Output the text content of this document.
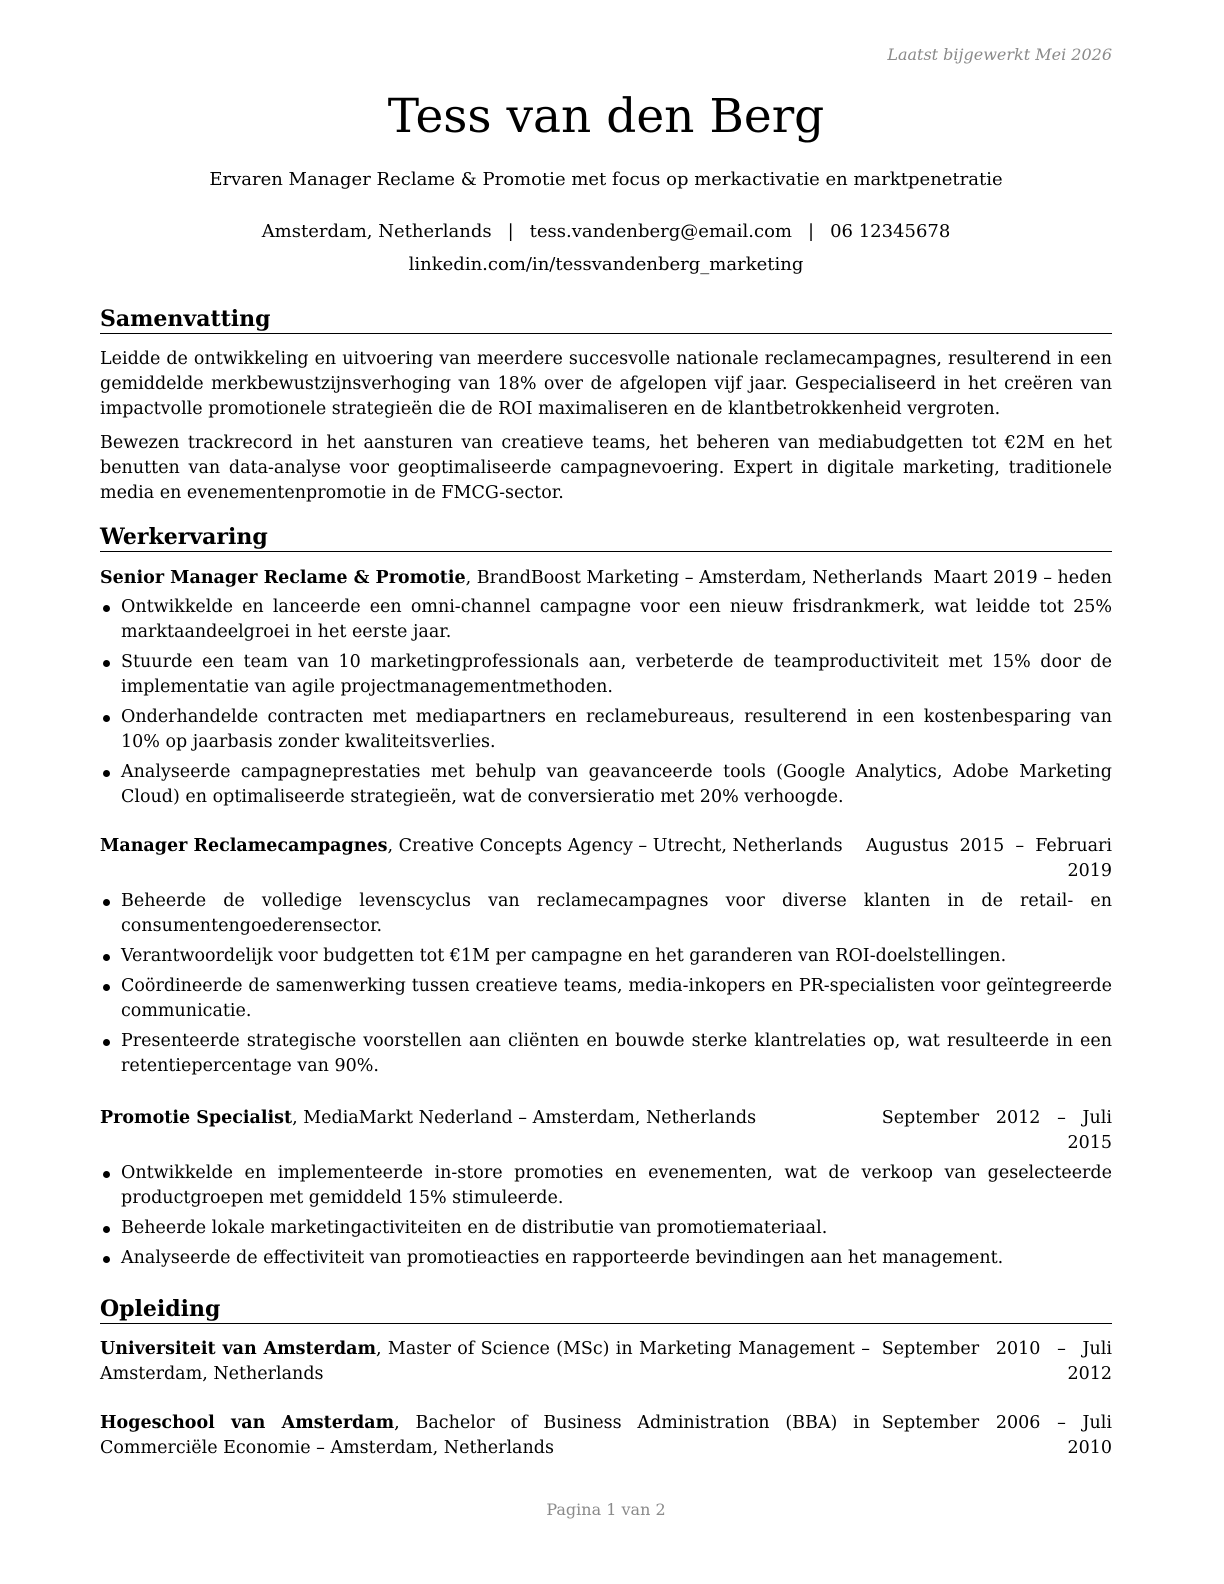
Laatst bijgewerkt Mei 2026
Tess van den Berg
Ervaren Manager Reclame & Promotie met focus op merkactivatie en marktpenetratie
Amsterdam, Netherlands | tess.vandenberg@email.com | 06 12345678
linkedin.com/in/tessvandenberg_marketing
Samenvatting
Leidde de ontwikkeling en uitvoering van meerdere succesvolle nationale reclamecampagnes, resulterend in een gemiddelde merkbewustzijnsverhoging van 18% over de afgelopen vijf jaar. Gespecialiseerd in het creëren van impactvolle promotionele strategieën die de ROI maximaliseren en de klantbetrokkenheid vergroten.
Bewezen trackrecord in het aansturen van creatieve teams, het beheren van mediabudgetten tot €2M en het benutten van data-analyse voor geoptimaliseerde campagnevoering. Expert in digitale marketing, traditionele media en evenementenpromotie in de FMCG-sector.
Werkervaring
Senior Manager Reclame & Promotie, BrandBoost Marketing – Amsterdam, Netherlands Maart 2019 – heden
Ontwikkelde en lanceerde een omni-channel campagne voor een nieuw frisdrankmerk, wat leidde tot 25% marktaandeelgroei in het eerste jaar.
Stuurde een team van 10 marketingprofessionals aan, verbeterde de teamproductiviteit met 15% door de implementatie van agile projectmanagementmethoden.
Onderhandelde contracten met mediapartners en reclamebureaus, resulterend in een kostenbesparing van 10% op jaarbasis zonder kwaliteitsverlies.
Analyseerde campagneprestaties met behulp van geavanceerde tools (Google Analytics, Adobe Marketing Cloud) en optimaliseerde strategieën, wat de conversieratio met 20% verhoogde.
Manager Reclamecampagnes, Creative Concepts Agency – Utrecht, Netherlands Augustus  2015  –  Februari
2019
Beheerde de volledige levenscyclus van reclamecampagnes voor diverse klanten in de retail- en consumentengoederensector.
Verantwoordelijk voor budgetten tot €1M per campagne en het garanderen van ROI-doelstellingen.
Coördineerde de samenwerking tussen creatieve teams, media-inkopers en PR-specialisten voor geïntegreerde communicatie.
Presenteerde strategische voorstellen aan cliënten en bouwde sterke klantrelaties op, wat resulteerde in een retentiepercentage van 90%.
Promotie Specialist, MediaMarkt Nederland – Amsterdam, Netherlands	September   2012   –   Juli
2015
Ontwikkelde en implementeerde in-store promoties en evenementen, wat de verkoop van geselecteerde productgroepen met gemiddeld 15% stimuleerde.
Beheerde lokale marketingactiviteiten en de distributie van promotiemateriaal.
Analyseerde de effectiviteit van promotieacties en rapporteerde bevindingen aan het management.
Opleiding
Universiteit van Amsterdam, Master of Science (MSc) in Marketing Management – Amsterdam, Netherlands
September   2010   –   Juli
2012
Hogeschool van Amsterdam, Bachelor of Business Administration (BBA) in Commerciële Economie – Amsterdam, Netherlands
September   2006   –   Juli
2010
Pagina 1 van 2
